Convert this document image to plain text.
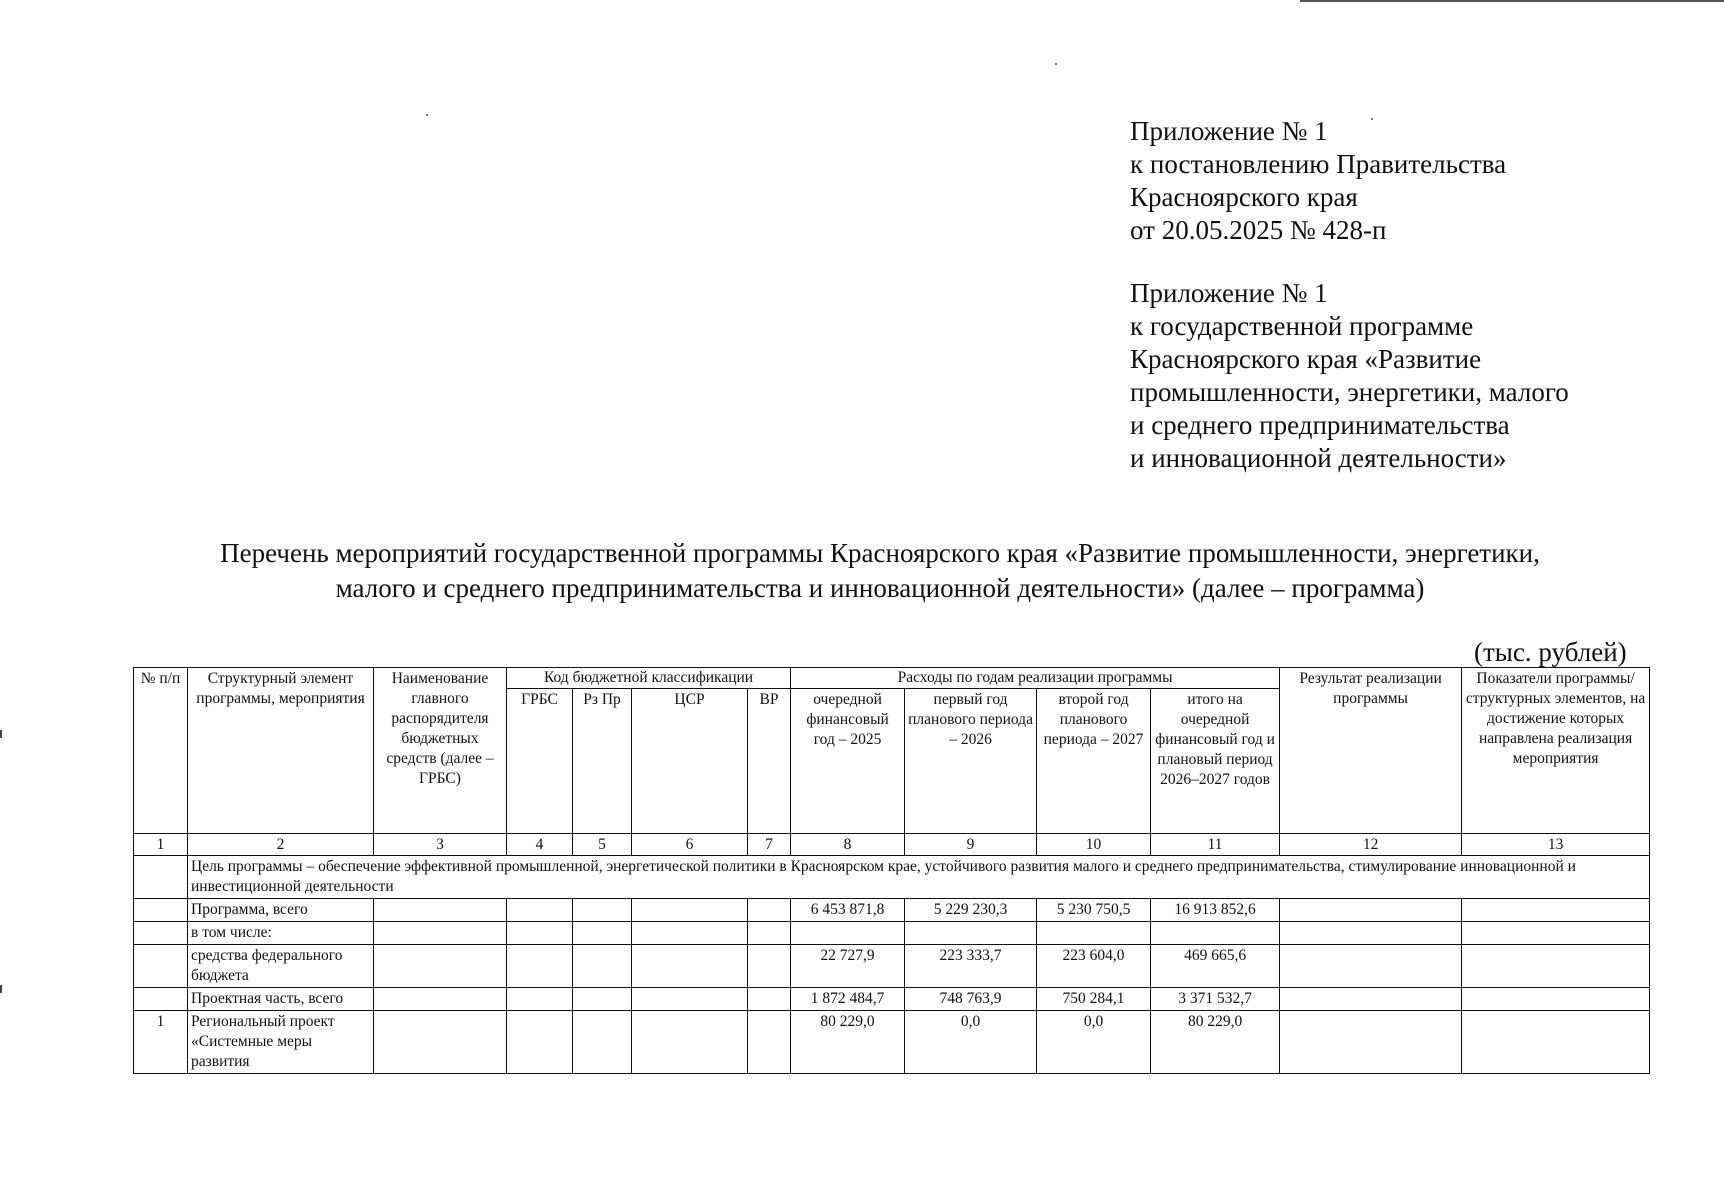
Приложение № 1
к постановлению Правительства
Красноярского края
от 20.05.2025 № 428-п
Приложение № 1
к государственной программе
Красноярского края «Развитие
промышленности, энергетики, малого
и среднего предпринимательства
и инновационной деятельности»
Перечень мероприятий государственной программы Красноярского края «Развитие промышленности, энергетики,
малого и среднего предпринимательства и инновационной деятельности» (далее – программа)
(тыс. рублей)
№ п/п	Структурный элемент программы, мероприятия	Наименование главного распорядителя бюджетных средств (далее – ГРБС)	Код бюджетной классификации				Расходы по годам реализации программы				Результат реализации программы	Показатели программы/ структурных элементов, на достижение которых направлена реализация мероприятия
			ГРБС	Рз Пр	ЦСР	ВР	очередной финансовый год – 2025	первый год планового периода – 2026	второй год планового периода – 2027	итого на очередной финансовый год и плановый период 2026–2027 годов		
1	2	3	4	5	6	7	8	9	10	11	12	13
	Цель программы – обеспечение эффективной промышленной, энергетической политики в Красноярском крае, устойчивого развития малого и среднего предпринимательства, стимулирование инновационной и инвестиционной деятельности											
	Программа, всего						6 453 871,8	5 229 230,3	5 230 750,5	16 913 852,6		
	в том числе:											
	средства федерального бюджета						22 727,9	223 333,7	223 604,0	469 665,6		
	Проектная часть, всего						1 872 484,7	748 763,9	750 284,1	3 371 532,7		
1	Региональный проект «Системные меры развития						80 229,0	0,0	0,0	80 229,0		
